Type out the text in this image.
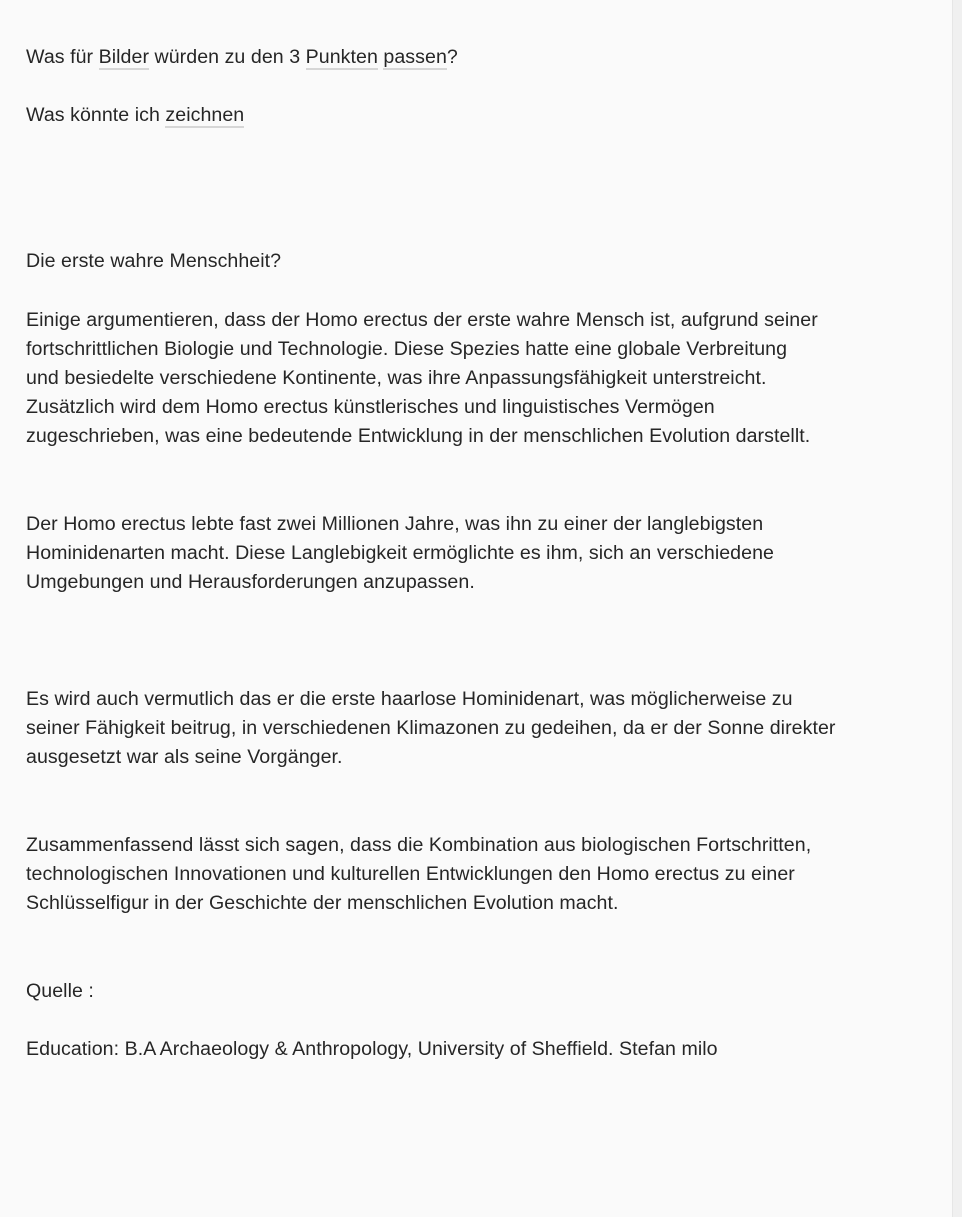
Was für Bilder würden zu den 3 Punkten passen?
Was könnte ich zeichnen
Die erste wahre Menschheit?
Einige argumentieren, dass der Homo erectus der erste wahre Mensch ist, aufgrund seiner
fortschrittlichen Biologie und Technologie. Diese Spezies hatte eine globale Verbreitung
und besiedelte verschiedene Kontinente, was ihre Anpassungsfähigkeit unterstreicht.
Zusätzlich wird dem Homo erectus künstlerisches und linguistisches Vermögen
zugeschrieben, was eine bedeutende Entwicklung in der menschlichen Evolution darstellt.
Der Homo erectus lebte fast zwei Millionen Jahre, was ihn zu einer der langlebigsten
Hominidenarten macht. Diese Langlebigkeit ermöglichte es ihm, sich an verschiedene
Umgebungen und Herausforderungen anzupassen.
Es wird auch vermutlich das er die erste haarlose Hominidenart, was möglicherweise zu
seiner Fähigkeit beitrug, in verschiedenen Klimazonen zu gedeihen, da er der Sonne direkter
ausgesetzt war als seine Vorgänger.
Zusammenfassend lässt sich sagen, dass die Kombination aus biologischen Fortschritten,
technologischen Innovationen und kulturellen Entwicklungen den Homo erectus zu einer
Schlüsselfigur in der Geschichte der menschlichen Evolution macht.
Quelle :
Education: B.A Archaeology & Anthropology, University of Sheffield. Stefan milo
